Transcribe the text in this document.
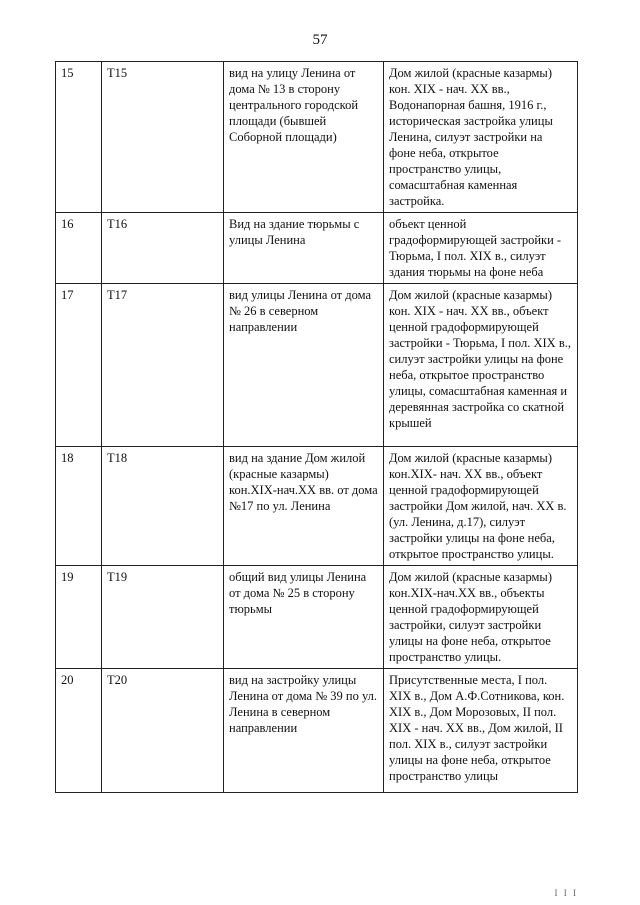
57
15	Т15	вид на улицу Ленина от дома № 13 в сторону центрального городской площади (бывшей Соборной площади)	Дом жилой (красные казармы) кон. XIX - нач. XX вв., Водонапорная башня, 1916 г., историческая застройка улицы Ленина, силуэт застройки на фоне неба, открытое пространство улицы, сомасштабная каменная застройка.
16	Т16	Вид на здание тюрьмы с улицы Ленина	объект ценной градоформирующей застройки - Тюрьма, I пол. XIX в., силуэт здания тюрьмы на фоне неба
17	Т17	вид улицы Ленина от дома № 26 в северном направлении	Дом жилой (красные казармы) кон. XIX - нач. XX вв., объект ценной градоформирующей застройки - Тюрьма, I пол. XIX в., силуэт застройки улицы на фоне неба, открытое пространство улицы, сомасштабная каменная и деревянная застройка со скатной крышей
18	Т18	вид на здание Дом жилой (красные казармы) кон.XIX-нач.XX вв. от дома №17 по ул. Ленина	Дом жилой (красные казармы) кон.XIX- нач. XX вв., объект ценной градоформирующей застройки Дом жилой, нач. XX в. (ул. Ленина, д.17), силуэт застройки улицы на фоне неба, открытое пространство улицы.
19	Т19	общий вид улицы Ленина от дома № 25 в сторону тюрьмы	Дом жилой (красные казармы) кон.XIX-нач.XX вв., объекты ценной градоформирующей застройки, силуэт застройки улицы на фоне неба, открытое пространство улицы.
20	Т20	вид на застройку улицы Ленина от дома № 39 по ул. Ленина в северном направлении	Присутственные места, I пол. XIX в., Дом А.Ф.Сотникова, кон. XIX в., Дом Морозовых, II пол. XIX - нач. XX вв., Дом жилой, II пол. XIX в., силуэт застройки улицы на фоне неба, открытое пространство улицы
I I I
